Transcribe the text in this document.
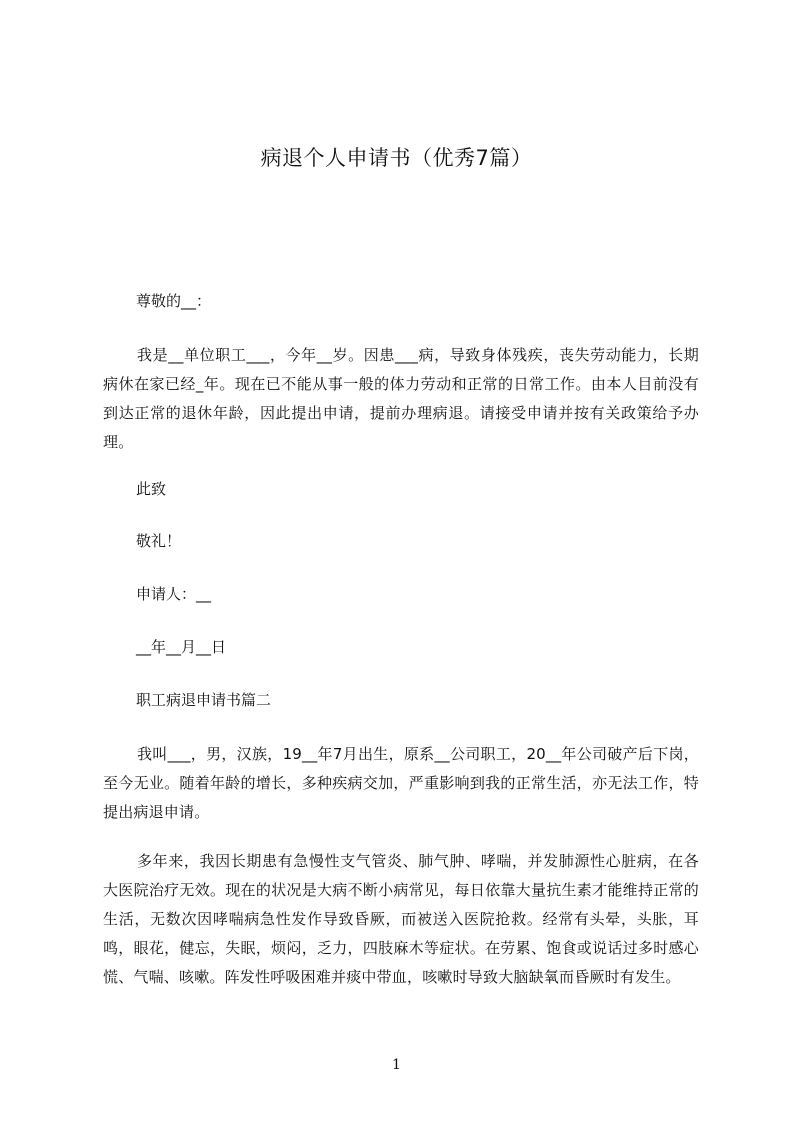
病退个人申请书（优秀7篇）
尊敬的__：
我是__单位职工___，今年__岁。因患___病，导致身体残疾，丧失劳动能力，长期病休在家已经_年。现在已不能从事一般的体力劳动和正常的日常工作。由本人目前没有到达正常的退休年龄，因此提出申请，提前办理病退。请接受申请并按有关政策给予办理。
此致
敬礼！
申请人：__
__年__月__日
职工病退申请书篇二
我叫___，男，汉族，19__年7月出生，原系__公司职工，20__年公司破产后下岗，至今无业。随着年龄的增长，多种疾病交加，严重影响到我的正常生活，亦无法工作，特提出病退申请。
多年来，我因长期患有急慢性支气管炎、肺气肿、哮喘，并发肺源性心脏病，在各大医院治疗无效。现在的状况是大病不断小病常见，每日依靠大量抗生素才能维持正常的生活，无数次因哮喘病急性发作导致昏厥，而被送入医院抢救。经常有头晕，头胀，耳鸣，眼花，健忘，失眠，烦闷，乏力，四肢麻木等症状。在劳累、饱食或说话过多时感心慌、气喘、咳嗽。阵发性呼吸困难并痰中带血，咳嗽时导致大脑缺氧而昏厥时有发生。
1
